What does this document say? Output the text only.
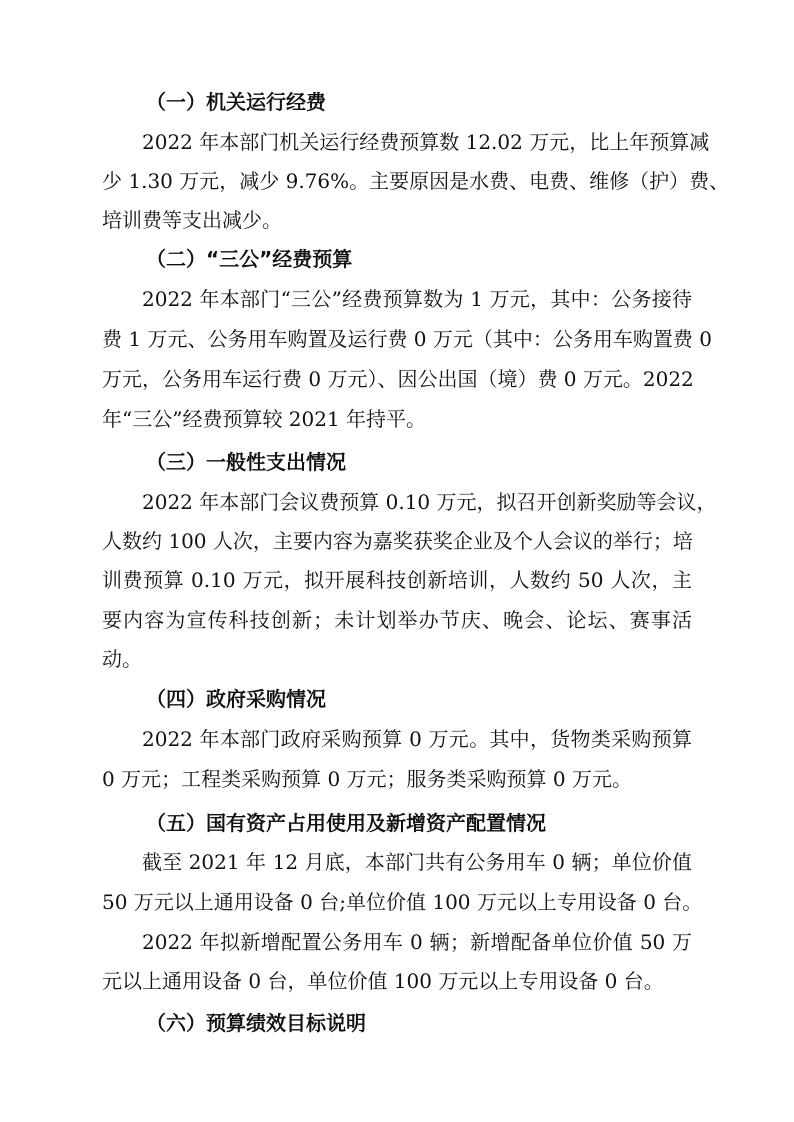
（一）机关运行经费
2022 年本部门机关运行经费预算数 12.02 万元，比上年预算减
少 1.30 万元，减少 9.76%。主要原因是水费、电费、维修（护）费、
培训费等支出减少。
（二）“三公”经费预算
2022 年本部门“三公”经费预算数为 1 万元，其中：公务接待
费 1 万元、公务用车购置及运行费 0 万元（其中：公务用车购置费 0
万元，公务用车运行费 0 万元）、因公出国（境）费 0 万元。2022
年“三公”经费预算较 2021 年持平。
（三）一般性支出情况
2022 年本部门会议费预算 0.10 万元，拟召开创新奖励等会议，
人数约 100 人次，主要内容为嘉奖获奖企业及个人会议的举行；培
训费预算 0.10 万元，拟开展科技创新培训，人数约 50 人次，主
要内容为宣传科技创新；未计划举办节庆、晚会、论坛、赛事活
动。
（四）政府采购情况
2022 年本部门政府采购预算 0 万元。其中，货物类采购预算
0 万元；工程类采购预算 0 万元；服务类采购预算 0 万元。
（五）国有资产占用使用及新增资产配置情况
截至 2021 年 12 月底，本部门共有公务用车 0 辆；单位价值
50 万元以上通用设备 0 台;单位价值 100 万元以上专用设备 0 台。
2022 年拟新增配置公务用车 0 辆；新增配备单位价值 50 万
元以上通用设备 0 台，单位价值 100 万元以上专用设备 0 台。
（六）预算绩效目标说明
